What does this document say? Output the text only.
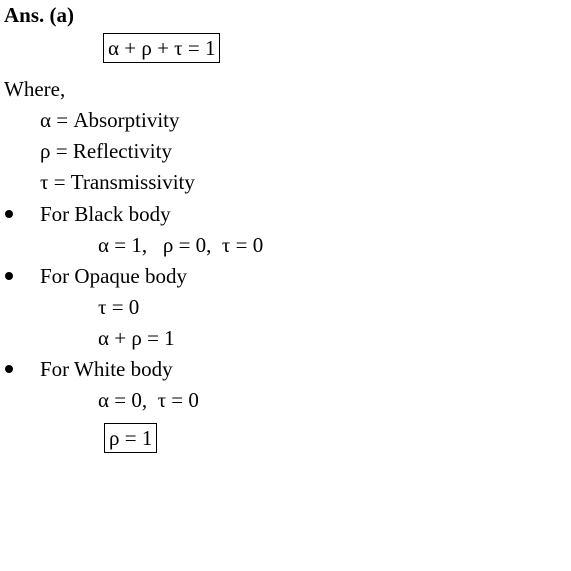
Ans. (a)
α + ρ + τ = 1
Where,
α = Absorptivity
ρ = Reflectivity
τ = Transmissivity
For Black body
α = 1,   ρ = 0,  τ = 0
For Opaque body
τ = 0
α + ρ = 1
For White body
α = 0,  τ = 0
ρ = 1
